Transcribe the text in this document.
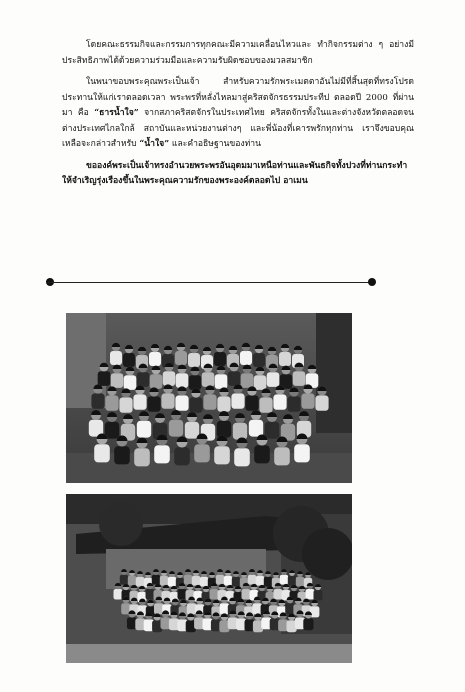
โดยคณะธรรมกิจและกรรมการทุกคณะมีความเคลื่อนไหวและ ทำกิจกรรมต่าง ๆ อย่างมีประสิทธิภาพได้ด้วยความร่วมมือและความรับผิดชอบของมวลสมาชิก

ในพนาขอบพระคุณพระเป็นเจ้า สำหรับความรักพระเมตตาอันไม่มีที่สิ้นสุดที่ทรงโปรดประทานให้แก่เราตลอดเวลา พระพรที่หลั่งไหลมาสู่คริสตจักรธรรมประทีป ตลอดปี 2000 ที่ผ่านมา คือ “ธารน้ำใจ” จากสภาคริสตจักรในประเทศไทย คริสตจักรทั้งในและต่างจังหวัดตลอดจนต่างประเทศไกลใกล้ สถาบันและหน่วยงานต่างๆ และพี่น้องที่เคารพรักทุกท่าน เราจึงขอบคุณเหลือจะกล่าวสำหรับ “น้ำใจ” และคำอธิษฐานของท่าน

ขอองค์พระเป็นเจ้าทรงอำนวยพระพรอันอุดมมาเหนือท่านและพันธกิจทั้งปวงที่ท่านกระทำให้จำเริญรุ่งเรืองขึ้นในพระคุณความรักของพระองค์ตลอดไป อาเมน
